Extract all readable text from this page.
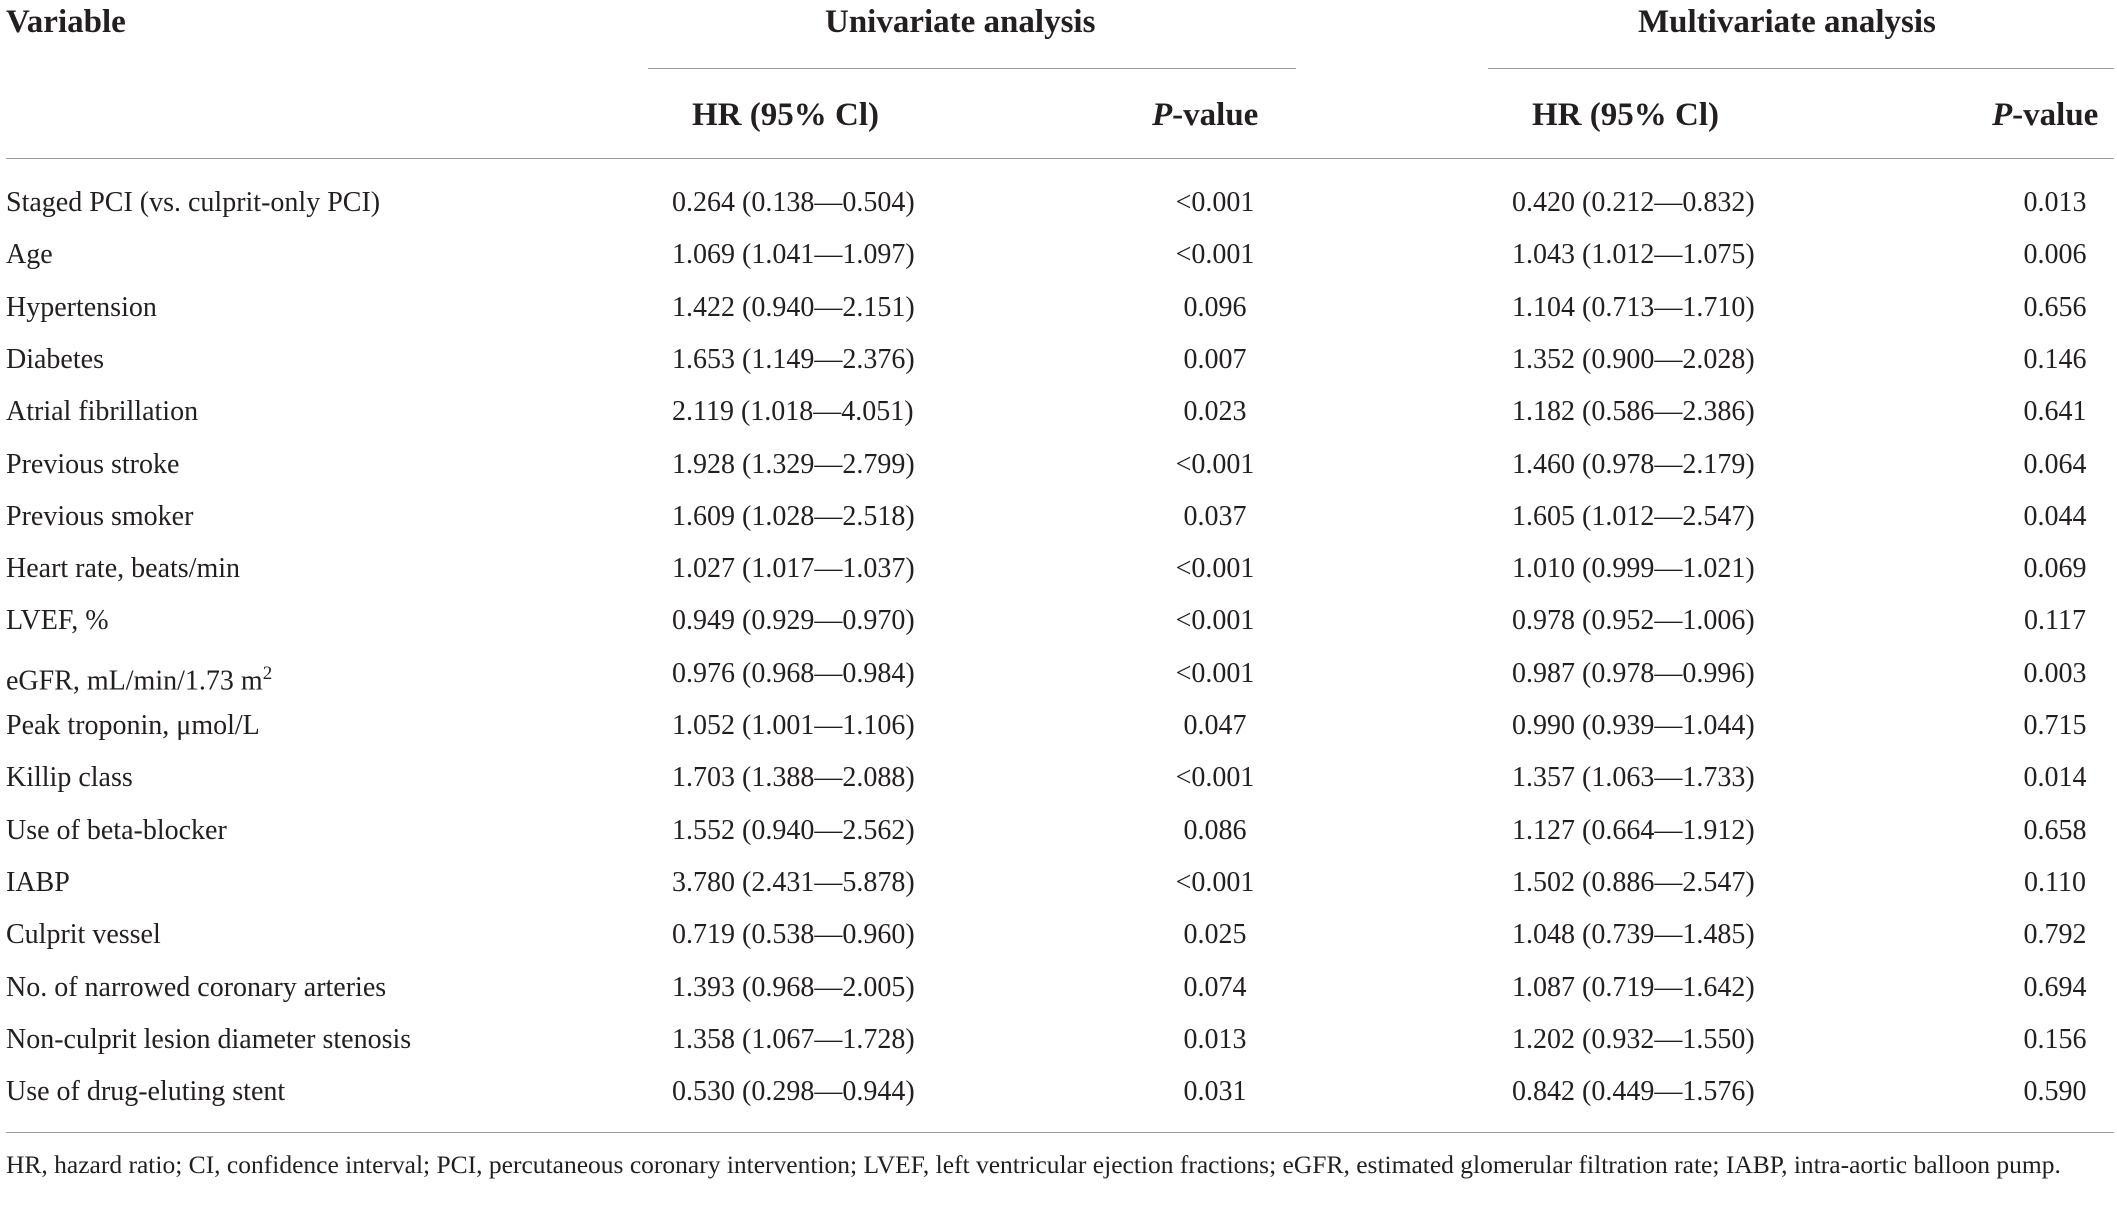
Variable	Univariate analysis	Multivariate analysis
HR (95% Cl)	P-value	HR (95% Cl)	P-value
Staged PCI (vs. culprit-only PCI)	0.264 (0.138—0.504)	<0.001	0.420 (0.212—0.832)	0.013
Age	1.069 (1.041—1.097)	<0.001	1.043 (1.012—1.075)	0.006
Hypertension	1.422 (0.940—2.151)	0.096	1.104 (0.713—1.710)	0.656
Diabetes	1.653 (1.149—2.376)	0.007	1.352 (0.900—2.028)	0.146
Atrial fibrillation	2.119 (1.018—4.051)	0.023	1.182 (0.586—2.386)	0.641
Previous stroke	1.928 (1.329—2.799)	<0.001	1.460 (0.978—2.179)	0.064
Previous smoker	1.609 (1.028—2.518)	0.037	1.605 (1.012—2.547)	0.044
Heart rate, beats/min	1.027 (1.017—1.037)	<0.001	1.010 (0.999—1.021)	0.069
LVEF, %	0.949 (0.929—0.970)	<0.001	0.978 (0.952—1.006)	0.117
eGFR, mL/min/1.73 $m^2$	0.976 (0.968—0.984)	<0.001	0.987 (0.978—0.996)	0.003
Peak troponin, μmol/L	1.052 (1.001—1.106)	0.047	0.990 (0.939—1.044)	0.715
Killip class	1.703 (1.388—2.088)	<0.001	1.357 (1.063—1.733)	0.014
Use of beta-blocker	1.552 (0.940—2.562)	0.086	1.127 (0.664—1.912)	0.658
IABP	3.780 (2.431—5.878)	<0.001	1.502 (0.886—2.547)	0.110
Culprit vessel	0.719 (0.538—0.960)	0.025	1.048 (0.739—1.485)	0.792
No. of narrowed coronary arteries	1.393 (0.968—2.005)	0.074	1.087 (0.719—1.642)	0.694
Non-culprit lesion diameter stenosis	1.358 (1.067—1.728)	0.013	1.202 (0.932—1.550)	0.156
Use of drug-eluting stent	0.530 (0.298—0.944)	0.031	0.842 (0.449—1.576)	0.590
HR, hazard ratio; CI, confidence interval; PCI, percutaneous coronary intervention; LVEF, left ventricular ejection fractions; eGFR, estimated glomerular filtration rate; IABP, intra-aortic balloon pump.
